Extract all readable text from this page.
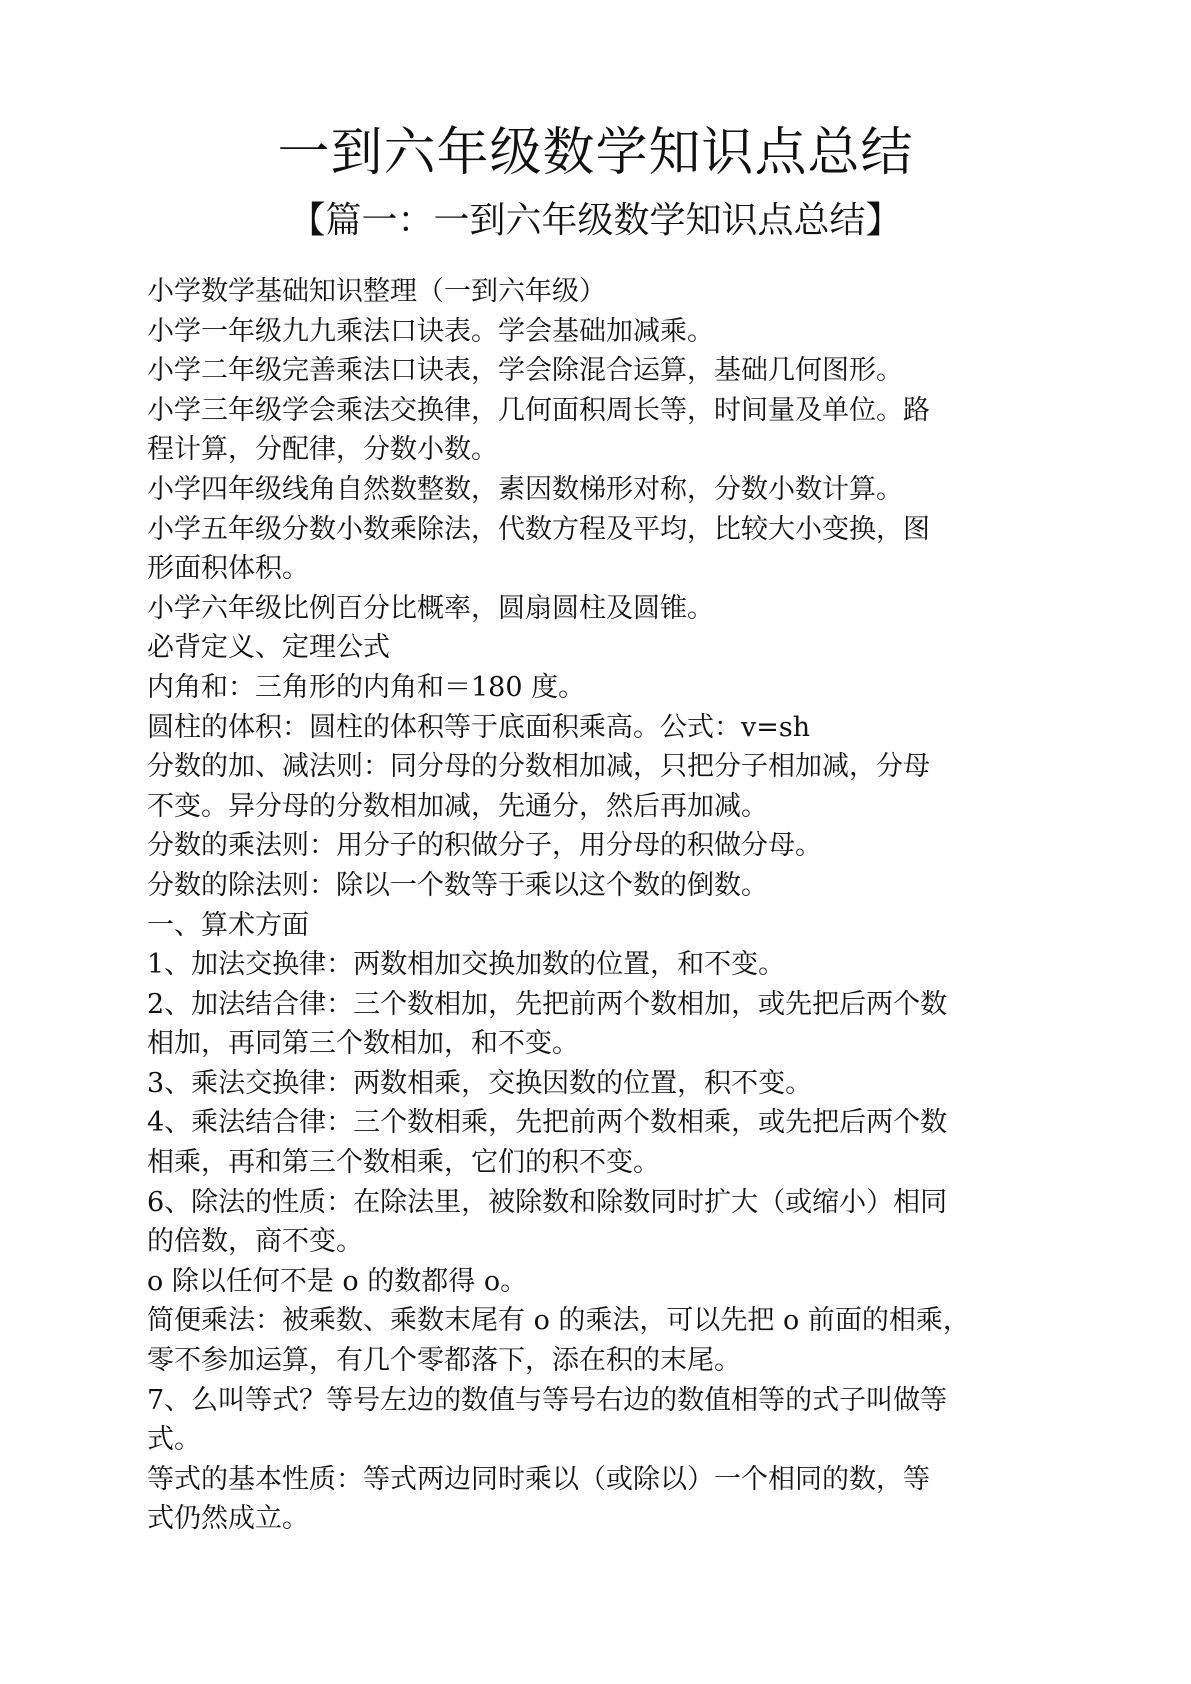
一到六年级数学知识点总结
【篇一：一到六年级数学知识点总结】
小学数学基础知识整理（一到六年级）
小学一年级九九乘法口诀表。学会基础加减乘。
小学二年级完善乘法口诀表，学会除混合运算，基础几何图形。
小学三年级学会乘法交换律，几何面积周长等，时间量及单位。路
程计算，分配律，分数小数。
小学四年级线角自然数整数，素因数梯形对称，分数小数计算。
小学五年级分数小数乘除法，代数方程及平均，比较大小变换，图
形面积体积。
小学六年级比例百分比概率，圆扇圆柱及圆锥。
必背定义、定理公式
内角和：三角形的内角和＝180 度。
圆柱的体积：圆柱的体积等于底面积乘高。公式：v=sh
分数的加、减法则：同分母的分数相加减，只把分子相加减，分母
不变。异分母的分数相加减，先通分，然后再加减。
分数的乘法则：用分子的积做分子，用分母的积做分母。
分数的除法则：除以一个数等于乘以这个数的倒数。
一、算术方面
1、加法交换律：两数相加交换加数的位置，和不变。
2、加法结合律：三个数相加，先把前两个数相加，或先把后两个数
相加，再同第三个数相加，和不变。
3、乘法交换律：两数相乘，交换因数的位置，积不变。
4、乘法结合律：三个数相乘，先把前两个数相乘，或先把后两个数
相乘，再和第三个数相乘，它们的积不变。
6、除法的性质：在除法里，被除数和除数同时扩大（或缩小）相同
的倍数，商不变。
o 除以任何不是 o 的数都得 o。
简便乘法：被乘数、乘数末尾有 o 的乘法，可以先把 o 前面的相乘，
零不参加运算，有几个零都落下，添在积的末尾。
7、么叫等式？等号左边的数值与等号右边的数值相等的式子叫做等
式。
等式的基本性质：等式两边同时乘以（或除以）一个相同的数，等
式仍然成立。
